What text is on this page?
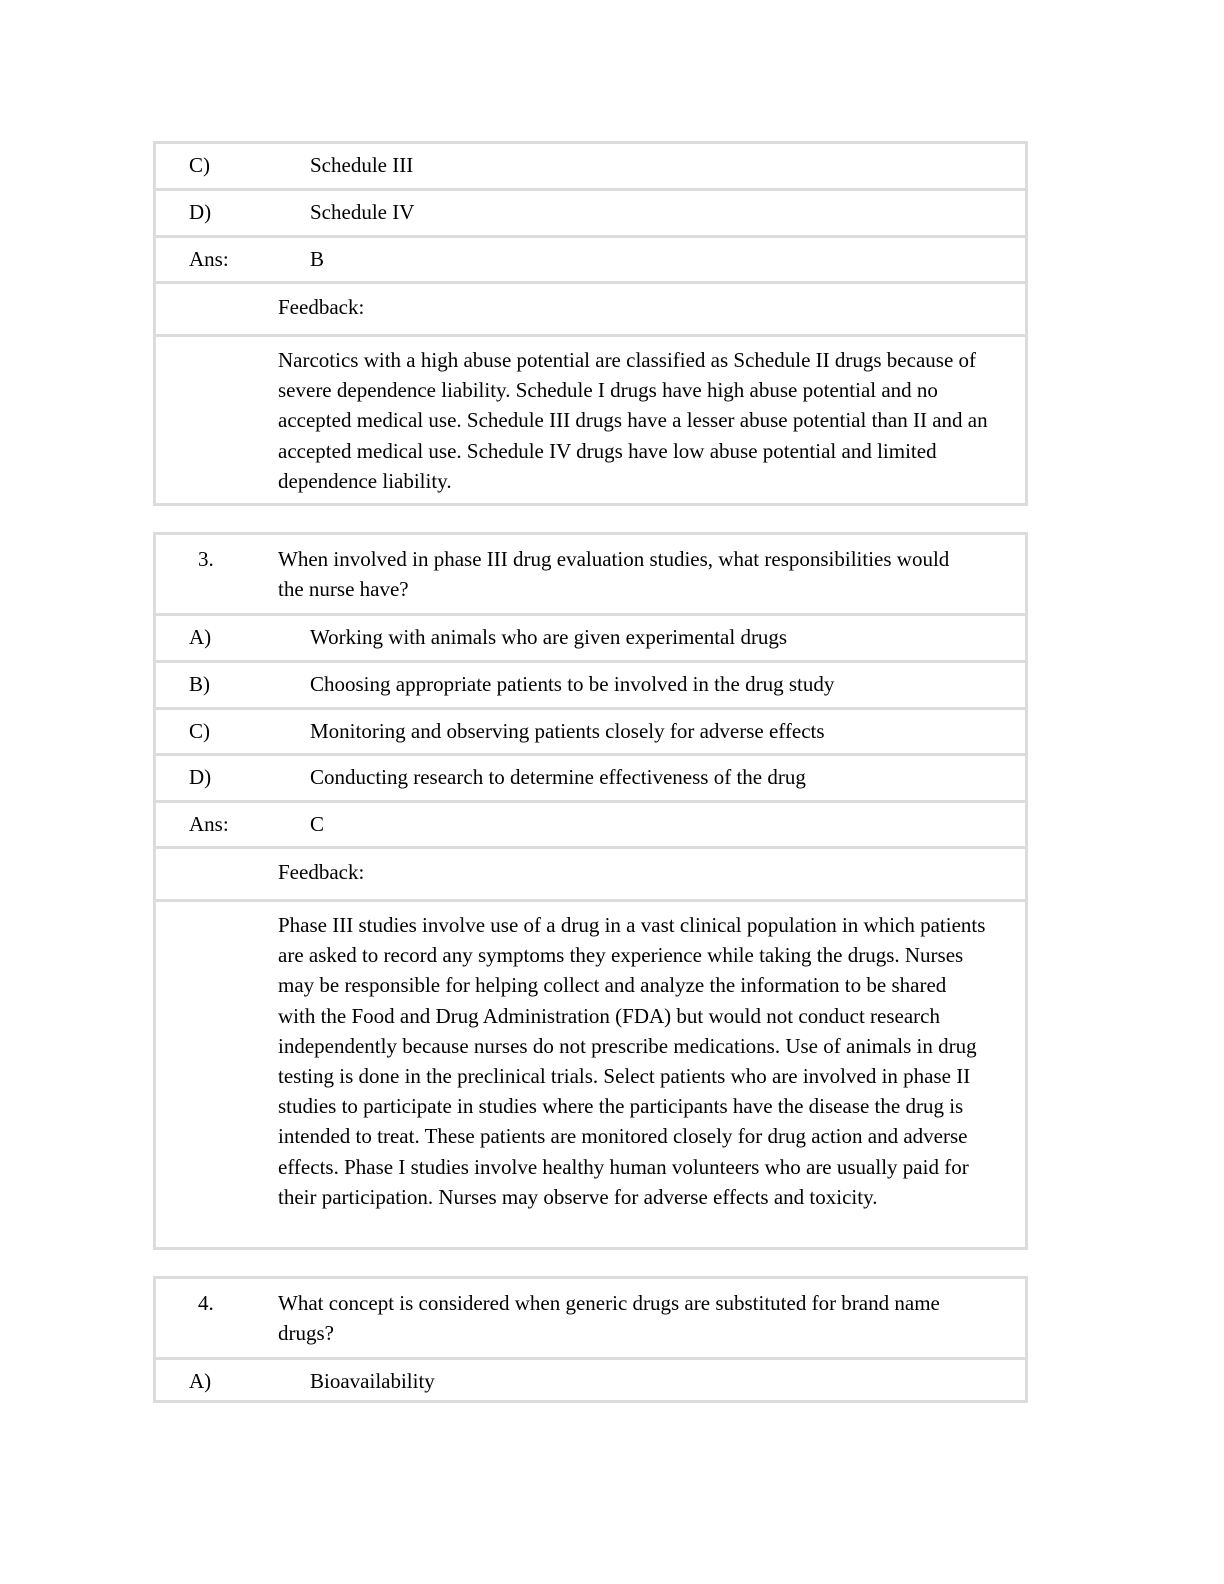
C)	Schedule III
D)	Schedule IV
Ans:	B
Feedback:
Narcotics with a high abuse potential are classified as Schedule II drugs because of severe dependence liability. Schedule I drugs have high abuse potential and no accepted medical use. Schedule III drugs have a lesser abuse potential than II and an accepted medical use. Schedule IV drugs have low abuse potential and limited dependence liability.
3.	When involved in phase III drug evaluation studies, what responsibilities would the nurse have?
A)	Working with animals who are given experimental drugs
B)	Choosing appropriate patients to be involved in the drug study
C)	Monitoring and observing patients closely for adverse effects
D)	Conducting research to determine effectiveness of the drug
Ans:	C
Feedback:
Phase III studies involve use of a drug in a vast clinical population in which patients are asked to record any symptoms they experience while taking the drugs. Nurses may be responsible for helping collect and analyze the information to be shared with the Food and Drug Administration (FDA) but would not conduct research independently because nurses do not prescribe medications. Use of animals in drug testing is done in the preclinical trials. Select patients who are involved in phase II studies to participate in studies where the participants have the disease the drug is intended to treat. These patients are monitored closely for drug action and adverse effects. Phase I studies involve healthy human volunteers who are usually paid for their participation. Nurses may observe for adverse effects and toxicity.
4.	What concept is considered when generic drugs are substituted for brand name drugs?
A)	Bioavailability
